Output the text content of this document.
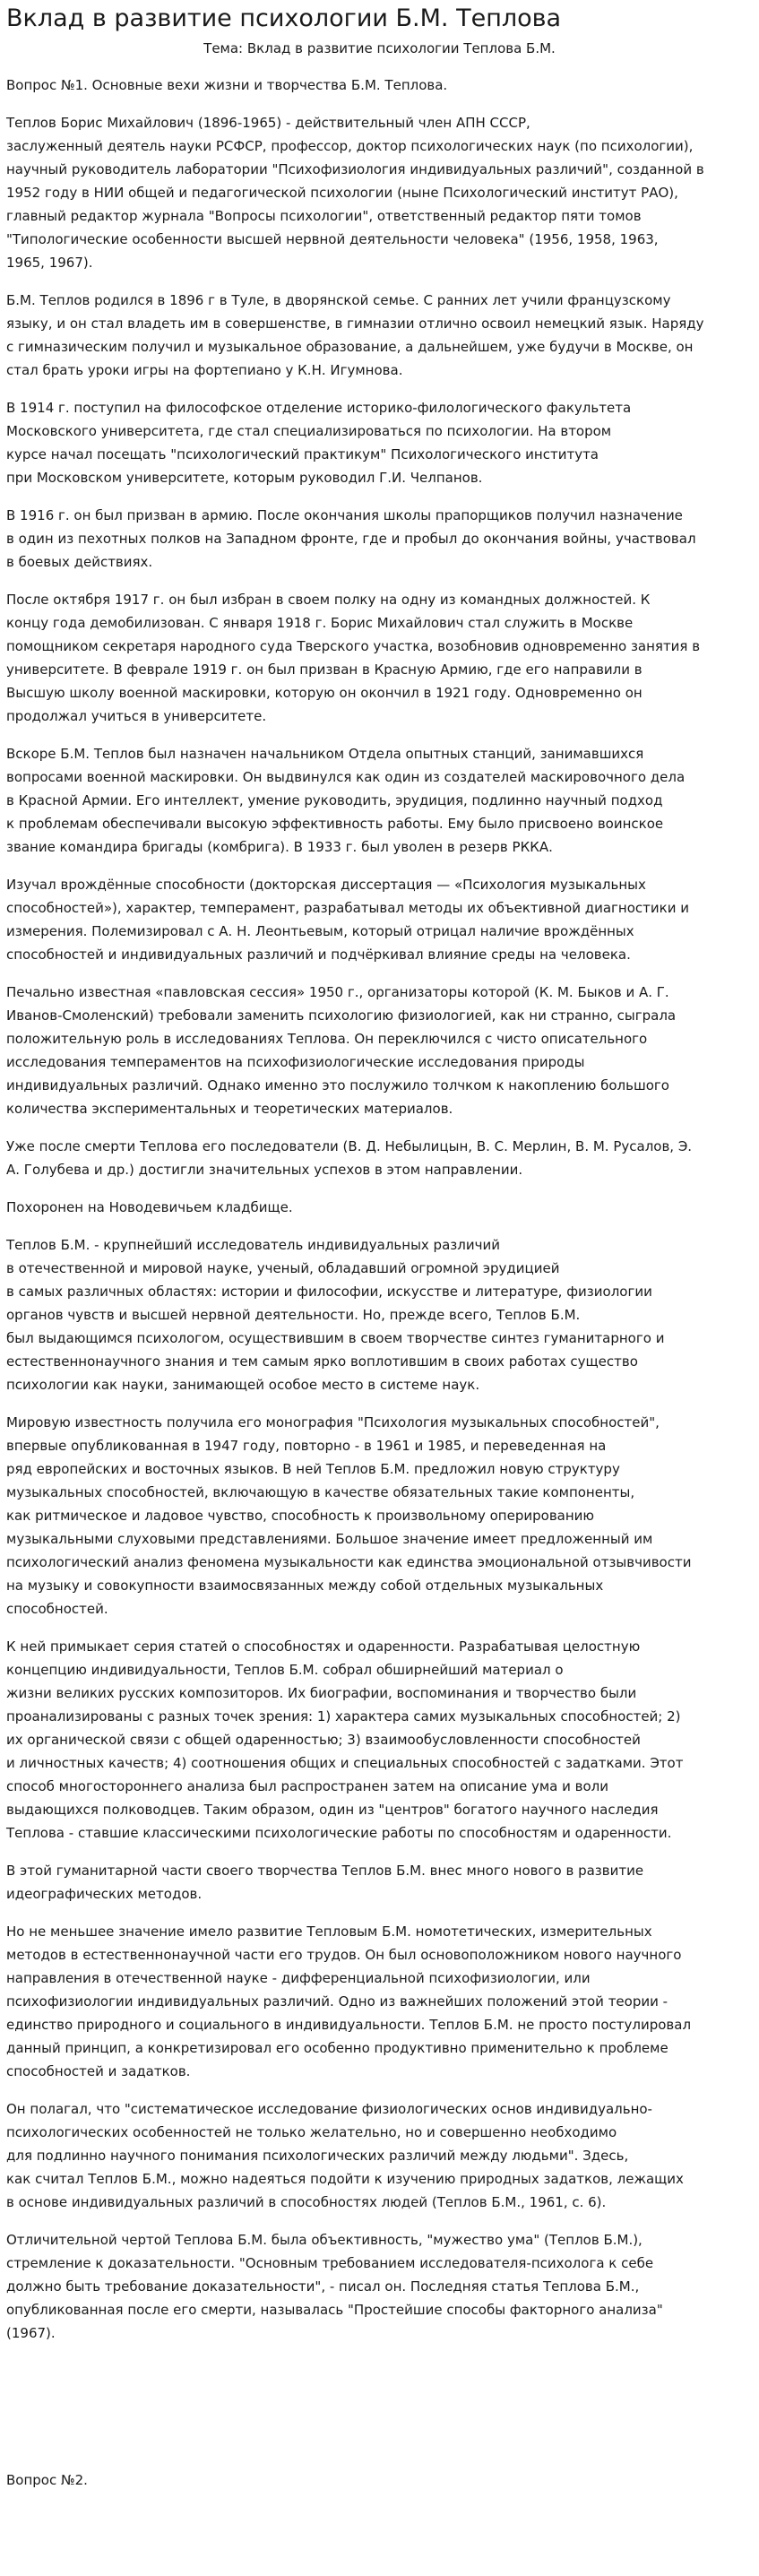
Вклад в развитие психологии Б.М. Теплова
Тема: Вклад в развитие психологии Теплова Б.М.

Вопрос №1. Основные вехи жизни и творчества Б.М. Теплова.

Теплов Борис Михайлович (1896-1965) - действительный член АПН СССР,
заслуженный деятель науки РСФСР, профессор, доктор психологических наук (по психологии),
научный руководитель лаборатории "Психофизиология индивидуальных различий", созданной в
1952 году в НИИ общей и педагогической психологии (ныне Психологический институт РАО),
главный редактор журнала "Вопросы психологии", ответственный редактор пяти томов
"Типологические особенности высшей нервной деятельности человека" (1956, 1958, 1963,
1965, 1967).

Б.М. Теплов родился в 1896 г в Туле, в дворянской семье. С ранних лет учили французскому
языку, и он стал владеть им в совершенстве, в гимназии отлично освоил немецкий язык. Наряду
с гимназическим получил и музыкальное образование, а дальнейшем, уже будучи в Москве, он
стал брать уроки игры на фортепиано у К.Н. Игумнова.

В 1914 г. поступил на философское отделение историко-филологического факультета
Московского университета, где стал специализироваться по психологии. На втором
курсе начал посещать "психологический практикум" Психологического института
при Московском университете, которым руководил Г.И. Челпанов.

В 1916 г. он был призван в армию. После окончания школы прапорщиков получил назначение
в один из пехотных полков на Западном фронте, где и пробыл до окончания войны, участвовал
в боевых действиях.

После октября 1917 г. он был избран в своем полку на одну из командных должностей. К
концу года демобилизован. С января 1918 г. Борис Михайлович стал служить в Москве
помощником секретаря народного суда Тверского участка, возобновив одновременно занятия в
университете. В феврале 1919 г. он был призван в Красную Армию, где его направили в
Высшую школу военной маскировки, которую он окончил в 1921 году. Одновременно он
продолжал учиться в университете.

Вскоре Б.М. Теплов был назначен начальником Отдела опытных станций, занимавшихся
вопросами военной маскировки. Он выдвинулся как один из создателей маскировочного дела
в Красной Армии. Его интеллект, умение руководить, эрудиция, подлинно научный подход
к проблемам обеспечивали высокую эффективность работы. Ему было присвоено воинское
звание командира бригады (комбрига). В 1933 г. был уволен в резерв РККА.

Изучал врождённые способности (докторская диссертация — «Психология музыкальных
способностей»), характер, темперамент, разрабатывал методы их объективной диагностики и
измерения. Полемизировал с А. Н. Леонтьевым, который отрицал наличие врождённых
способностей и индивидуальных различий и подчёркивал влияние среды на человека.

Печально известная «павловская сессия» 1950 г., организаторы которой (К. М. Быков и А. Г.
Иванов-Смоленский) требовали заменить психологию физиологией, как ни странно, сыграла
положительную роль в исследованиях Теплова. Он переключился с чисто описательного
исследования темпераментов на психофизиологические исследования природы
индивидуальных различий. Однако именно это послужило толчком к накоплению большого
количества экспериментальных и теоретических материалов.

Уже после смерти Теплова его последователи (В. Д. Небылицын, В. С. Мерлин, В. М. Русалов, Э.
А. Голубева и др.) достигли значительных успехов в этом направлении.

Похоронен на Новодевичьем кладбище.

Теплов Б.М. - крупнейший исследователь индивидуальных различий
в отечественной и мировой науке, ученый, обладавший огромной эрудицией
в самых различных областях: истории и философии, искусстве и литературе, физиологии
органов чувств и высшей нервной деятельности. Но, прежде всего, Теплов Б.М.
был выдающимся психологом, осуществившим в своем творчестве синтез гуманитарного и
естественнонаучного знания и тем самым ярко воплотившим в своих работах существо
психологии как науки, занимающей особое место в системе наук.

Мировую известность получила его монография "Психология музыкальных способностей",
впервые опубликованная в 1947 году, повторно - в 1961 и 1985, и переведенная на
ряд европейских и восточных языков. В ней Теплов Б.М. предложил новую структуру
музыкальных способностей, включающую в качестве обязательных такие компоненты,
как ритмическое и ладовое чувство, способность к произвольному оперированию
музыкальными слуховыми представлениями. Большое значение имеет предложенный им
психологический анализ феномена музыкальности как единства эмоциональной отзывчивости
на музыку и совокупности взаимосвязанных между собой отдельных музыкальных
способностей.

К ней примыкает серия статей о способностях и одаренности. Разрабатывая целостную
концепцию индивидуальности, Теплов Б.М. собрал обширнейший материал о
жизни великих русских композиторов. Их биографии, воспоминания и творчество были
проанализированы с разных точек зрения: 1) характера самих музыкальных способностей; 2)
их органической связи с общей одаренностью; 3) взаимообусловленности способностей
и личностных качеств; 4) соотношения общих и специальных способностей с задатками. Этот
способ многостороннего анализа был распространен затем на описание ума и воли
выдающихся полководцев. Таким образом, один из "центров" богатого научного наследия
Теплова - ставшие классическими психологические работы по способностям и одаренности.

В этой гуманитарной части своего творчества Теплов Б.М. внес много нового в развитие
идеографических методов.

Но не меньшее значение имело развитие Тепловым Б.М. номотетических, измерительных
методов в естественнонаучной части его трудов. Он был основоположником нового научного
направления в отечественной науке - дифференциальной психофизиологии, или
психофизиологии индивидуальных различий. Одно из важнейших положений этой теории -
единство природного и социального в индивидуальности. Теплов Б.М. не просто постулировал
данный принцип, а конкретизировал его особенно продуктивно применительно к проблеме
способностей и задатков.

Он полагал, что "систематическое исследование физиологических основ индивидуально-
психологических особенностей не только желательно, но и совершенно необходимо
для подлинно научного понимания психологических различий между людьми". Здесь,
как считал Теплов Б.М., можно надеяться подойти к изучению природных задатков, лежащих
в основе индивидуальных различий в способностях людей (Теплов Б.М., 1961, с. 6).

Отличительной чертой Теплова Б.М. была объективность, "мужество ума" (Теплов Б.М.),
стремление к доказательности. "Основным требованием исследователя-психолога к себе
должно быть требование доказательности", - писал он. Последняя статья Теплова Б.М.,
опубликованная после его смерти, называлась "Простейшие способы факторного анализа"
(1967).

Вопрос №2.
